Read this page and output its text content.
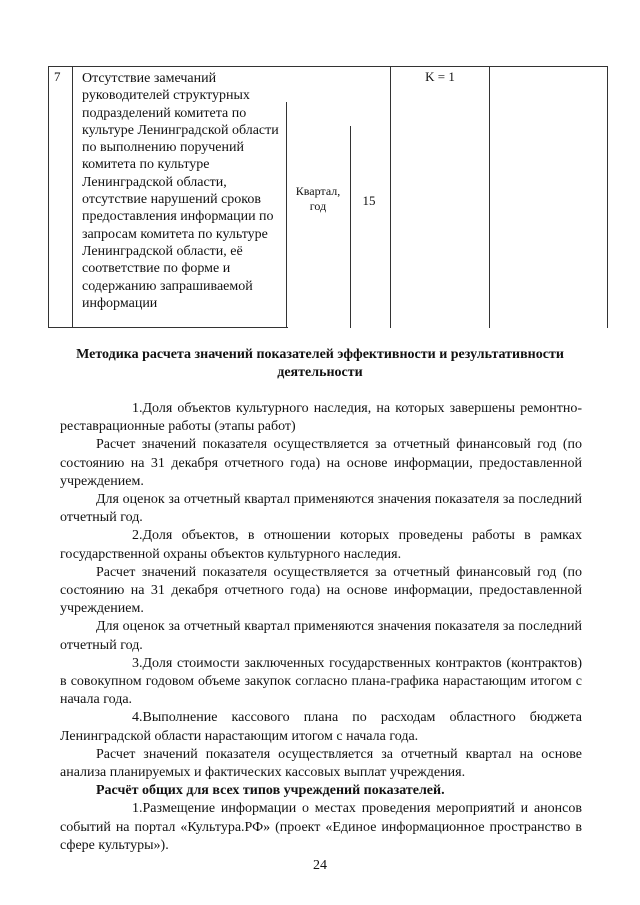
7 Отсутствие замечаний руководителей структурных подразделений комитета по культуре Ленинградской области по выполнению поручений комитета по культуре Ленинградской области, отсутствие нарушений сроков предоставления информации по запросам комитета по культуре Ленинградской области, её соответствие по форме и содержанию запрашиваемой информации
Квартал, год	15
K = 1
Методика расчета значений показателей эффективности и результативности деятельности

1.Доля объектов культурного наследия, на которых завершены ремонтно-реставрационные работы (этапы работ)

Расчет значений показателя осуществляется за отчетный финансовый год (по состоянию на 31 декабря отчетного года) на основе информации, предоставленной учреждением.

Для оценок за отчетный квартал применяются значения показателя за последний отчетный год.

2.Доля объектов, в отношении которых проведены работы в рамках государственной охраны объектов культурного наследия.

Расчет значений показателя осуществляется за отчетный финансовый год (по состоянию на 31 декабря отчетного года) на основе информации, предоставленной учреждением.

Для оценок за отчетный квартал применяются значения показателя за последний отчетный год.

3.Доля стоимости заключенных государственных контрактов (контрактов) в совокупном годовом объеме закупок согласно плана-графика нарастающим итогом с начала года.

4.Выполнение кассового плана по расходам областного бюджета Ленинградской области нарастающим итогом с начала года.

Расчет значений показателя осуществляется за отчетный квартал на основе анализа планируемых и фактических кассовых выплат учреждения.

Расчёт общих для всех типов учреждений показателей.

1.Размещение информации о местах проведения мероприятий и анонсов событий на портал «Культура.РФ» (проект «Единое информационное пространство в сфере культуры»).

24
